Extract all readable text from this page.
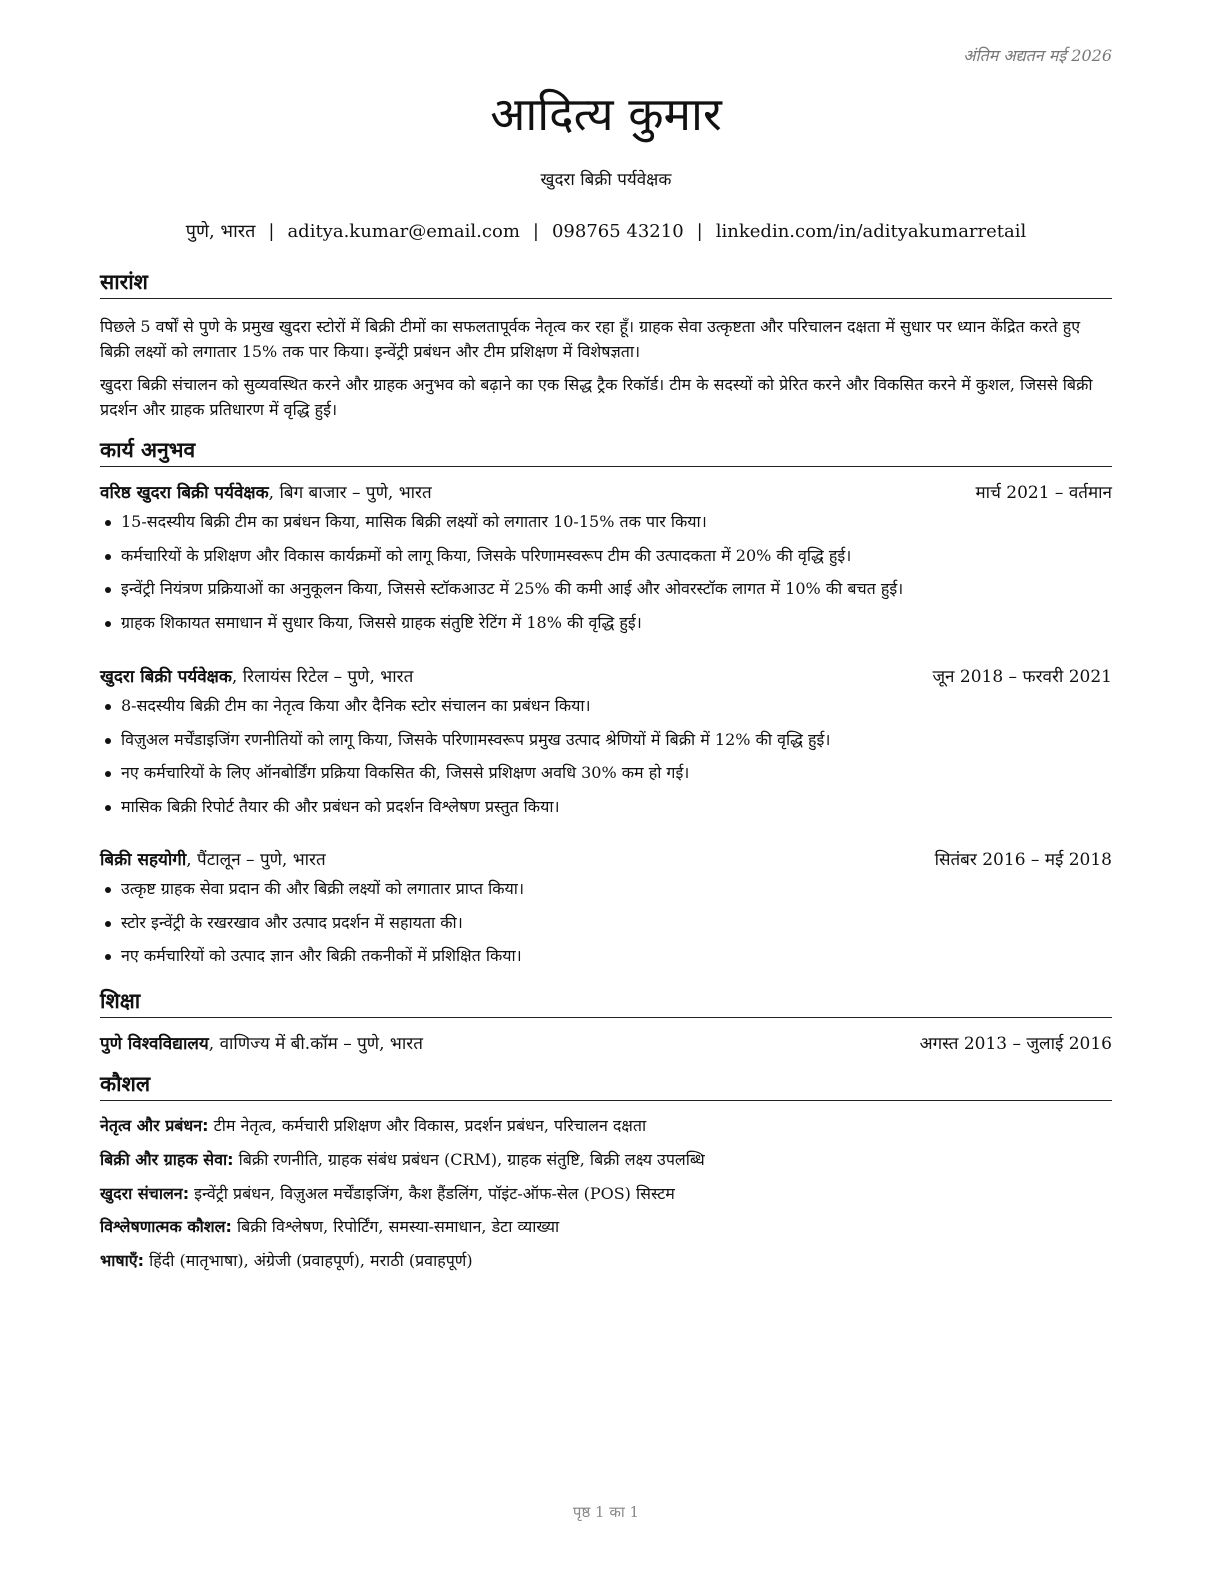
अंतिम अद्यतन मई 2026
आदित्य कुमार
खुदरा बिक्री पर्यवेक्षक
पुणे, भारत | aditya.kumar@email.com | 098765 43210 | linkedin.com/in/adityakumarretail
सारांश

पिछले 5 वर्षों से पुणे के प्रमुख खुदरा स्टोरों में बिक्री टीमों का सफलतापूर्वक नेतृत्व कर रहा हूँ। ग्राहक सेवा उत्कृष्टता और परिचालन दक्षता में सुधार पर ध्यान केंद्रित करते हुए बिक्री लक्ष्यों को लगातार 15% तक पार किया। इन्वेंट्री प्रबंधन और टीम प्रशिक्षण में विशेषज्ञता।

खुदरा बिक्री संचालन को सुव्यवस्थित करने और ग्राहक अनुभव को बढ़ाने का एक सिद्ध ट्रैक रिकॉर्ड। टीम के सदस्यों को प्रेरित करने और विकसित करने में कुशल, जिससे बिक्री प्रदर्शन और ग्राहक प्रतिधारण में वृद्धि हुई।

कार्य अनुभव
वरिष्ठ खुदरा बिक्री पर्यवेक्षक, बिग बाजार – पुणे, भारत	मार्च 2021 – वर्तमान
15-सदस्यीय बिक्री टीम का प्रबंधन किया, मासिक बिक्री लक्ष्यों को लगातार 10-15% तक पार किया।
कर्मचारियों के प्रशिक्षण और विकास कार्यक्रमों को लागू किया, जिसके परिणामस्वरूप टीम की उत्पादकता में 20% की वृद्धि हुई।
इन्वेंट्री नियंत्रण प्रक्रियाओं का अनुकूलन किया, जिससे स्टॉकआउट में 25% की कमी आई और ओवरस्टॉक लागत में 10% की बचत हुई।
ग्राहक शिकायत समाधान में सुधार किया, जिससे ग्राहक संतुष्टि रेटिंग में 18% की वृद्धि हुई।
खुदरा बिक्री पर्यवेक्षक, रिलायंस रिटेल – पुणे, भारत	जून 2018 – फरवरी 2021
8-सदस्यीय बिक्री टीम का नेतृत्व किया और दैनिक स्टोर संचालन का प्रबंधन किया।
विज़ुअल मर्चेंडाइजिंग रणनीतियों को लागू किया, जिसके परिणामस्वरूप प्रमुख उत्पाद श्रेणियों में बिक्री में 12% की वृद्धि हुई।
नए कर्मचारियों के लिए ऑनबोर्डिंग प्रक्रिया विकसित की, जिससे प्रशिक्षण अवधि 30% कम हो गई।
मासिक बिक्री रिपोर्ट तैयार की और प्रबंधन को प्रदर्शन विश्लेषण प्रस्तुत किया।
बिक्री सहयोगी, पैंटालून – पुणे, भारत	सितंबर 2016 – मई 2018
उत्कृष्ट ग्राहक सेवा प्रदान की और बिक्री लक्ष्यों को लगातार प्राप्त किया।
स्टोर इन्वेंट्री के रखरखाव और उत्पाद प्रदर्शन में सहायता की।
नए कर्मचारियों को उत्पाद ज्ञान और बिक्री तकनीकों में प्रशिक्षित किया।
शिक्षा
पुणे विश्वविद्यालय, वाणिज्य में बी.कॉम – पुणे, भारत	अगस्त 2013 – जुलाई 2016
कौशल
नेतृत्व और प्रबंधन: टीम नेतृत्व, कर्मचारी प्रशिक्षण और विकास, प्रदर्शन प्रबंधन, परिचालन दक्षता
बिक्री और ग्राहक सेवा: बिक्री रणनीति, ग्राहक संबंध प्रबंधन (CRM), ग्राहक संतुष्टि, बिक्री लक्ष्य उपलब्धि
खुदरा संचालन: इन्वेंट्री प्रबंधन, विज़ुअल मर्चेंडाइजिंग, कैश हैंडलिंग, पॉइंट-ऑफ-सेल (POS) सिस्टम
विश्लेषणात्मक कौशल: बिक्री विश्लेषण, रिपोर्टिंग, समस्या-समाधान, डेटा व्याख्या
भाषाएँ: हिंदी (मातृभाषा), अंग्रेजी (प्रवाहपूर्ण), मराठी (प्रवाहपूर्ण)
पृष्ठ 1 का 1
